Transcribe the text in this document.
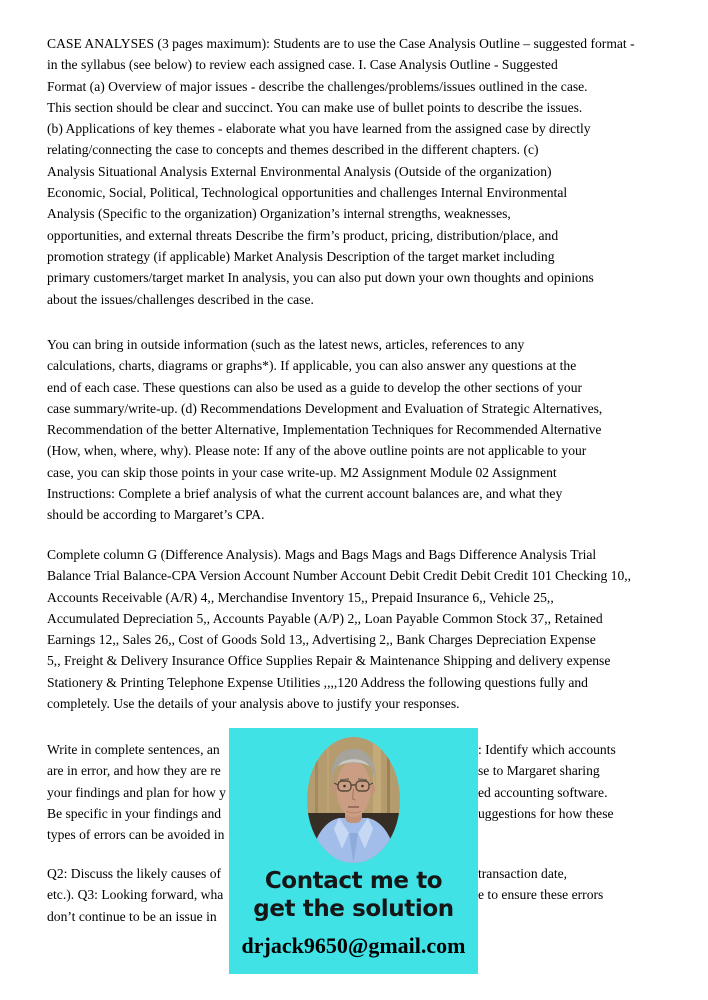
CASE ANALYSES (3 pages maximum): Students are to use the Case Analysis Outline – suggested format -
in the syllabus (see below) to review each assigned case. I. Case Analysis Outline - Suggested
Format (a) Overview of major issues - describe the challenges/problems/issues outlined in the case.
This section should be clear and succinct. You can make use of bullet points to describe the issues.
(b) Applications of key themes - elaborate what you have learned from the assigned case by directly
relating/connecting the case to concepts and themes described in the different chapters. (c)
Analysis Situational Analysis External Environmental Analysis (Outside of the organization)
Economic, Social, Political, Technological opportunities and challenges Internal Environmental
Analysis (Specific to the organization) Organization’s internal strengths, weaknesses,
opportunities, and external threats Describe the firm’s product, pricing, distribution/place, and
promotion strategy (if applicable) Market Analysis Description of the target market including
primary customers/target market In analysis, you can also put down your own thoughts and opinions
about the issues/challenges described in the case.
You can bring in outside information (such as the latest news, articles, references to any
calculations, charts, diagrams or graphs*). If applicable, you can also answer any questions at the
end of each case. These questions can also be used as a guide to develop the other sections of your
case summary/write-up. (d) Recommendations Development and Evaluation of Strategic Alternatives,
Recommendation of the better Alternative, Implementation Techniques for Recommended Alternative
(How, when, where, why). Please note: If any of the above outline points are not applicable to your
case, you can skip those points in your case write-up. M2 Assignment Module 02 Assignment
Instructions: Complete a brief analysis of what the current account balances are, and what they
should be according to Margaret’s CPA.
Complete column G (Difference Analysis). Mags and Bags Mags and Bags Difference Analysis Trial
Balance Trial Balance-CPA Version Account Number Account Debit Credit Debit Credit 101 Checking 10,,
Accounts Receivable (A/R) 4,, Merchandise Inventory 15,, Prepaid Insurance 6,, Vehicle 25,,
Accumulated Depreciation 5,, Accounts Payable (A/P) 2,, Loan Payable Common Stock 37,, Retained
Earnings 12,, Sales 26,, Cost of Goods Sold 13,, Advertising 2,, Bank Charges Depreciation Expense
5,, Freight & Delivery Insurance Office Supplies Repair & Maintenance Shipping and delivery expense
Stationery & Printing Telephone Expense Utilities ,,,,120 Address the following questions fully and
completely. Use the details of your analysis above to justify your responses.
Write in complete sentences, an	: Identify which accounts
are in error, and how they are re	se to Margaret sharing
your findings and plan for how y	ed accounting software.
Be specific in your findings and	uggestions for how these
types of errors can be avoided in
Q2: Discuss the likely causes of	transaction date,
etc.). Q3: Looking forward, wha	e to ensure these errors
don’t continue to be an issue in
Contact me to
get the solution
drjack9650@gmail.com
